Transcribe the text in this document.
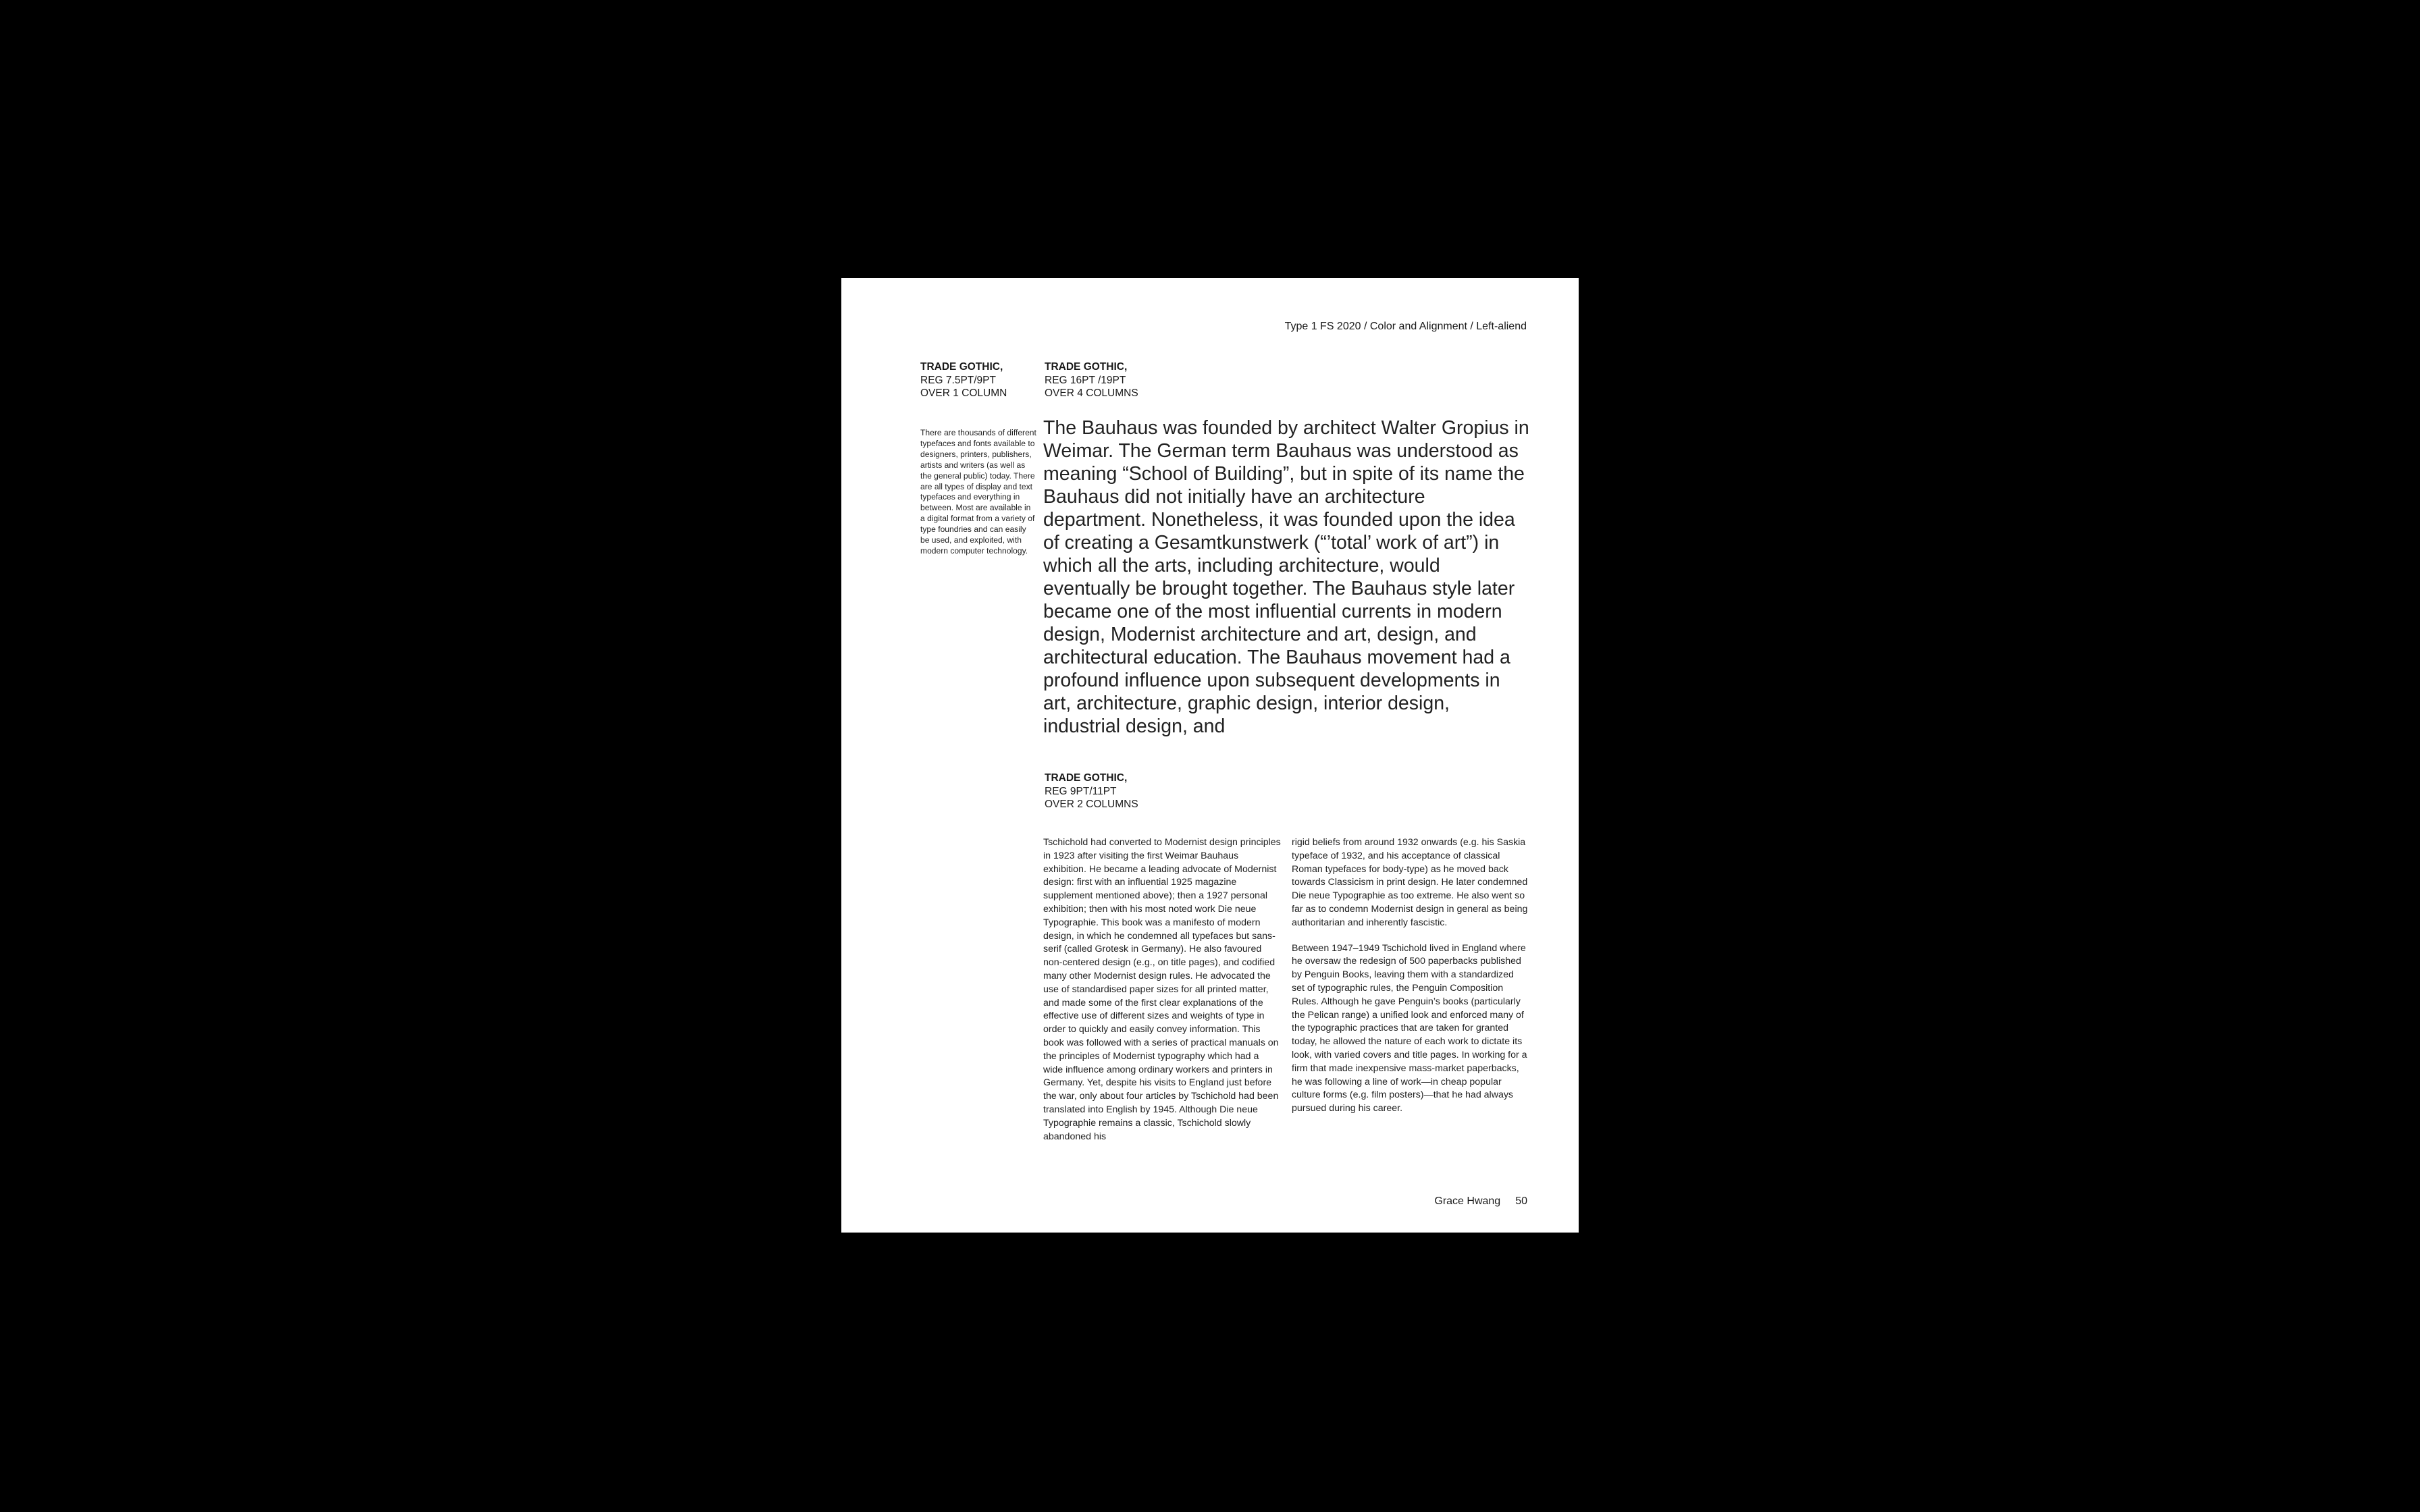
Type 1 FS 2020 / Color and Alignment / Left-aliend
TRADE GOTHIC,
REG 7.5PT/9PT
OVER 1 COLUMN
TRADE GOTHIC,
REG 16PT /19PT
OVER 4 COLUMNS

There are thousands of different typefaces and fonts available to designers, printers, publishers, artists and writers (as well as the general public) today. There are all types of display and text typefaces and everything in between. Most are available in a digital format from a variety of type foundries and can easily be used, and exploited, with modern computer technology.

The Bauhaus was founded by architect Walter Gropius in Weimar. The German term Bauhaus was understood as meaning “School of Building”, but in spite of its name the Bauhaus did not initially have an architecture department. Nonetheless, it was founded upon the idea of creating a Gesamtkunstwerk (“’total’ work of art”) in which all the arts, including architecture, would eventually be brought together. The Bauhaus style later became one of the most influential currents in modern design, Modernist architecture and art, design, and architectural education. The Bauhaus movement had a profound influence upon subsequent developments in art, architecture, graphic design, interior design, industrial design, and

TRADE GOTHIC,
REG 9PT/11PT
OVER 2 COLUMNS

Tschichold had converted to Modernist design principles in 1923 after visiting the first Weimar Bauhaus exhibition. He became a leading advocate of Modernist design: first with an influential 1925 magazine supplement mentioned above); then a 1927 personal exhibition; then with his most noted work Die neue Typographie. This book was a manifesto of modern design, in which he condemned all typefaces but sans-serif (called Grotesk in Germany). He also favoured non-centered design (e.g., on title pages), and codified many other Modernist design rules. He advocated the use of standardised paper sizes for all printed matter, and made some of the first clear explanations of the effective use of different sizes and weights of type in order to quickly and easily convey information. This book was followed with a series of practical manuals on the principles of Modernist typography which had a wide influence among ordinary workers and printers in Germany. Yet, despite his visits to England just before the war, only about four articles by Tschichold had been translated into English by 1945. Although Die neue Typographie remains a classic, Tschichold slowly abandoned his

rigid beliefs from around 1932 onwards (e.g. his Saskia typeface of 1932, and his acceptance of classical Roman typefaces for body-type) as he moved back towards Classicism in print design. He later condemned Die neue Typographie as too extreme. He also went so far as to condemn Modernist design in general as being authoritarian and inherently fascistic.

Between 1947–1949 Tschichold lived in England where he oversaw the redesign of 500 paperbacks published by Penguin Books, leaving them with a standardized set of typographic rules, the Penguin Composition Rules. Although he gave Penguin’s books (particularly the Pelican range) a unified look and enforced many of the typographic practices that are taken for granted today, he allowed the nature of each work to dictate its look, with varied covers and title pages. In working for a firm that made inexpensive mass-market paperbacks, he was following a line of work—in cheap popular culture forms (e.g. film posters)—that he had always pursued during his career.

Grace Hwang 50
